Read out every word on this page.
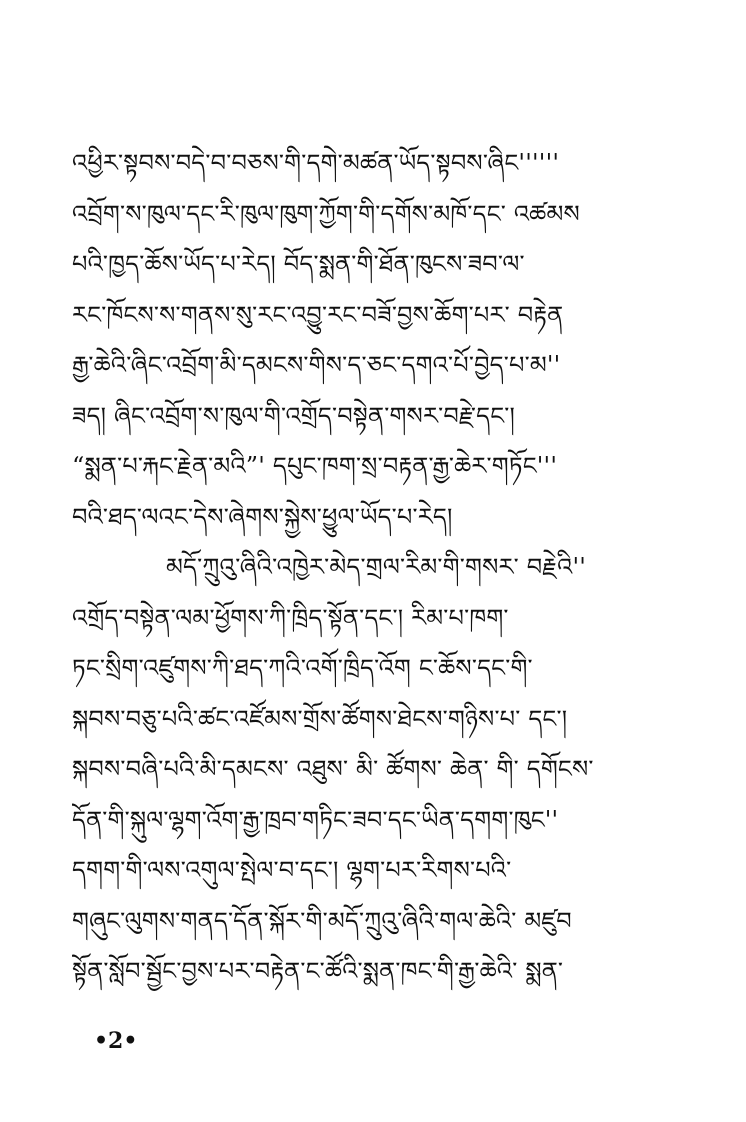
འཕྱིར་སྟབས་བདེ་བ་བཅས་གི་དགེ་མཚན་ཡོད་སྟབས་ཞིང''''''
འབྲོག་ས་ཁུལ་དང་རི་ཁུལ་ཁུག་ཀྱོག་གི་དགོས་མཁོ་དང་ འཚམས
པའི་ཁྱད་ཆོས་ཡོད་པ་རེད། བོད་སྨན་གི་ཐོན་ཁུངས་ཟབ་ལ་
རང་ཁོངས་ས་གནས་སུ་རང་འབྱུ་རང་བཟོ་བྱས་ཆོག་པར་ བརྟེན
རྒྱ་ཆེའི་ཞིང་འབྲོག་མི་དམངས་གིས་ད་ཅང་དགའ་པོ་བྱེད་པ་མ''
ཟད། ཞིང་འབྲོག་ས་ཁུལ་གི་འགྲོད་བསྟེན་གསར་བརྗེ་དང་།
“སྨན་པ་རྐང་རྗེན་མའི”' དཔུང་ཁག་སྲ་བརྟན་རྒྱ་ཆེར་གཏོང'''
བའི་ཐད་ལའང་དེས་ཞེགས་སྐྱེས་ཕྱུལ་ཡོད་པ་རེད།
མདོ་ཀྲུའུ་ཞིའི་འཁྱེར་མེད་གྲལ་རིམ་གི་གསར་ བརྗེའི''
འགྲོད་བསྟེན་ལམ་ཕྱོགས་ཀི་ཁྲིད་སྟོན་དང་། རིམ་པ་ཁག་
ཏང་སྲིག་འཛུགས་ཀི་ཐད་ཀའི་འགོ་ཁྲིད་འོག ང་ཆོས་དང་གི་
སྐབས་བཅུ་པའི་ཚང་འཛོམས་གྲོས་ཚོགས་ཐེངས་གཉིས་པ་ དང་།
སྐབས་བཞི་པའི་མི་དམངས་ འཐུས་ མི་ ཚོགས་ ཆེན་ གི་ དགོངས་
དོན་གི་སྐུལ་ལྷག་འོག་རྒྱ་ཁྲབ་གཏིང་ཟབ་དང་ཡིན་དགག་ཁུང''
དགག་གི་ལས་འགུལ་སྤེལ་བ་དང་། ལྷག་པར་རིགས་པའི་
གཞུང་ལུགས་གནད་དོན་སྐོར་གི་མདོ་ཀྲུའུ་ཞིའི་གལ་ཆེའི་ མཛུབ
སྟོན་སློབ་སྦྱོང་བྱས་པར་བརྟེན་ང་ཚོའི་སྨན་ཁང་གི་རྒྱ་ཆེའི་ སྨན་
•2•
